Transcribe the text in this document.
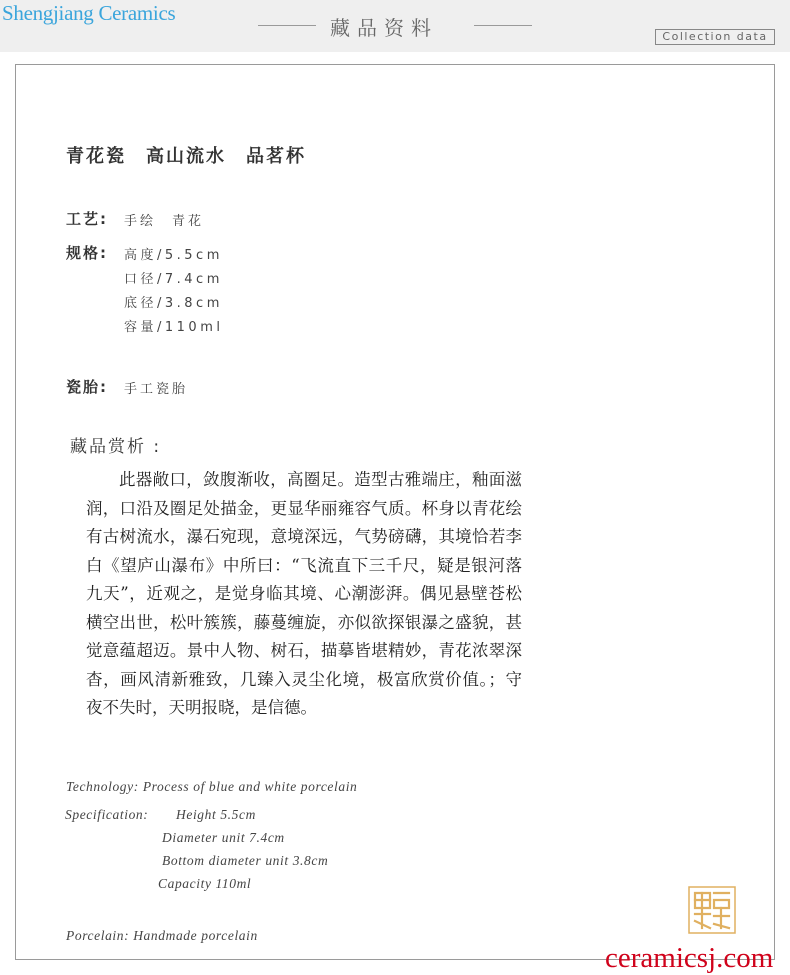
Shengjiang Ceramics
藏品资料	Collection data
青花瓷　高山流水　品茗杯
工艺: 手绘　青花
规格: 高度/5.5cm
口径/7.4cm
底径/3.8cm
容量/110ml
瓷胎: 手工瓷胎
藏品赏析 :

此器敞口，敛腹渐收，高圈足。造型古雅端庄，釉面滋润，口沿及圈足处描金，更显华丽雍容气质。杯身以青花绘有古树流水，瀑石宛现，意境深远，气势磅礴，其境恰若李白《望庐山瀑布》中所曰：“飞流直下三千尺，疑是银河落九天”，近观之，是觉身临其境、心潮澎湃。偶见悬壁苍松横空出世，松叶簇簇，藤蔓缠旋，亦似欲探银瀑之盛貌，甚觉意蕴超迈。景中人物、树石，描摹皆堪精妙，青花浓翠深杳，画风清新雅致，几臻入灵尘化境，极富欣赏价值。；守夜不失时，天明报晓，是信德。

Technology: Process of blue and white porcelain
Specification: Height 5.5cm
Diameter unit 7.4cm
Bottom diameter unit 3.8cm
Capacity 110ml
Porcelain: Handmade porcelain
ceramicsj.com
